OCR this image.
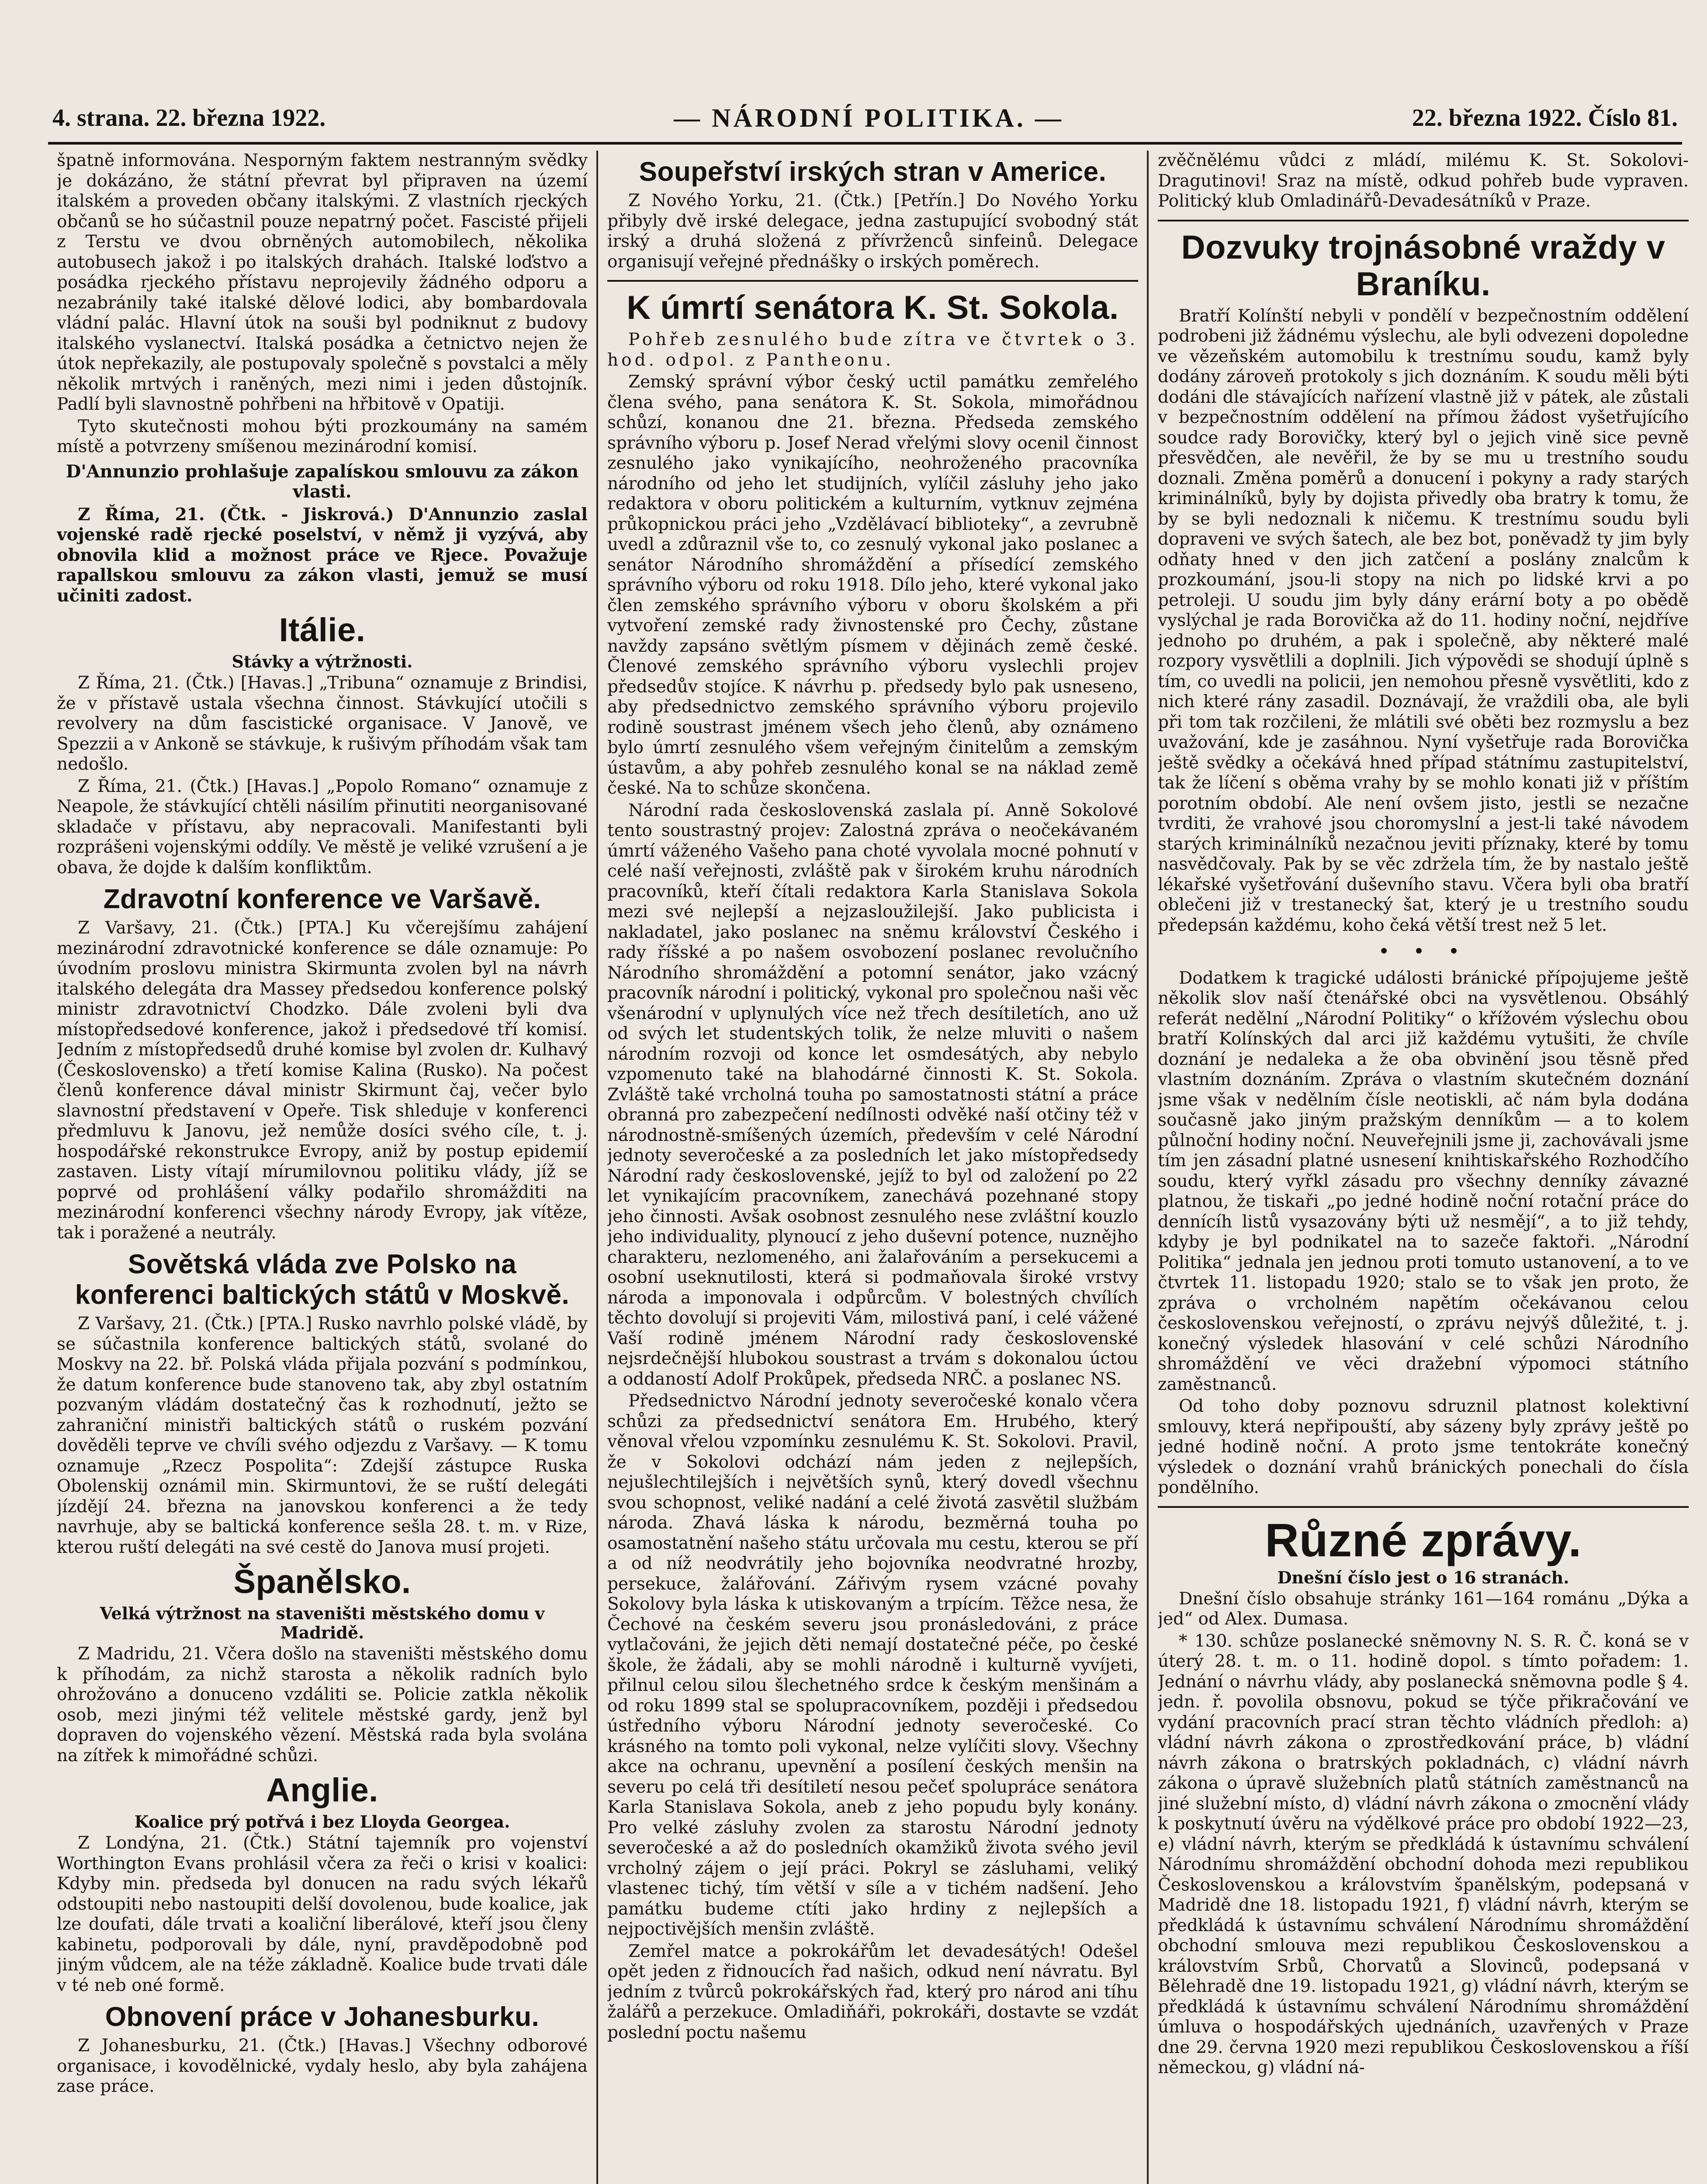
4. strana. 22. března 1922.	— NÁRODNÍ POLITIKA. —	22. března 1922. Číslo 81.

špatně informována. Nesporným faktem nestranným svědky je dokázáno, že státní převrat byl připraven na území italském a proveden občany italskými. Z vlastních rjeckých občanů se ho súčastnil pouze nepatrný počet. Fascisté přijeli z Terstu ve dvou obrněných automobilech, několika autobusech jakož i po italských drahách. Italské loďstvo a posádka rjeckého přístavu neprojevily žádného odporu a nezabránily také italské dělové lodici, aby bombardovala vládní palác. Hlavní útok na souši byl podniknut z budovy italského vyslanectví. Italská posádka a četnictvo nejen že útok nepřekazily, ale postupovaly společně s povstalci a měly několik mrtvých i raněných, mezi nimi i jeden důstojník. Padlí byli slavnostně pohřbeni na hřbitově v Opatiji.

Tyto skutečnosti mohou býti prozkoumány na samém místě a potvrzeny smíšenou mezinárodní komisí.

D'Annunzio prohlašuje zapalískou smlouvu za zákon vlasti.

Z Říma, 21. (Čtk. - Jiskrová.) D'Annunzio zaslal vojenské radě rjecké poselství, v němž ji vyzývá, aby obnovila klid a možnost práce ve Rjece. Považuje rapallskou smlouvu za zákon vlasti, jemuž se musí učiniti zadost.

Itálie.
Stávky a výtržnosti.

Z Říma, 21. (Čtk.) [Havas.] „Tribuna“ oznamuje z Brindisi, že v přístavě ustala všechna činnost. Stávkující utočili s revolvery na dům fascistické organisace. V Janově, ve Spezzii a v Ankoně se stávkuje, k rušivým příhodám však tam nedošlo.

Z Říma, 21. (Čtk.) [Havas.] „Popolo Romano“ oznamuje z Neapole, že stávkující chtěli násilím přinutiti neorganisované skladače v přístavu, aby nepracovali. Manifestanti byli rozprášeni vojenskými oddíly. Ve městě je veliké vzrušení a je obava, že dojde k dalším konfliktům.

Zdravotní konference ve Varšavě.

Z Varšavy, 21. (Čtk.) [PTA.] Ku včerejšímu zahájení mezinárodní zdravotnické konference se dále oznamuje: Po úvodním proslovu ministra Skirmunta zvolen byl na návrh italského delegáta dra Massey předsedou konference polský ministr zdravotnictví Chodzko. Dále zvoleni byli dva místopředsedové konference, jakož i předsedové tří komisí. Jedním z místopředsedů druhé komise byl zvolen dr. Kulhavý (Československo) a třetí komise Kalina (Rusko). Na počest členů konference dával ministr Skirmunt čaj, večer bylo slavnostní představení v Opeře. Tisk shleduje v konferenci předmluvu k Janovu, jež nemůže dosíci svého cíle, t. j. hospodářské rekonstrukce Evropy, aniž by postup epidemií zastaven. Listy vítají mírumilovnou politiku vlády, jíž se poprvé od prohlášení války podařilo shromážditi na mezinárodní konferenci všechny národy Evropy, jak vítěze, tak i poražené a neutrály.

Sovětská vláda zve Polsko na konferenci baltických států v Moskvě.

Z Varšavy, 21. (Čtk.) [PTA.] Rusko navrhlo polské vládě, by se súčastnila konference baltických států, svolané do Moskvy na 22. bř. Polská vláda přijala pozvání s podmínkou, že datum konference bude stanoveno tak, aby zbyl ostatním pozvaným vládám dostatečný čas k rozhodnutí, ježto se zahraniční ministři baltických států o ruském pozvání dověděli teprve ve chvíli svého odjezdu z Varšavy. — K tomu oznamuje „Rzecz Pospolita“: Zdejší zástupce Ruska Obolenskij oznámil min. Skirmuntovi, že se ruští delegáti jízdějí 24. března na janovskou konferenci a že tedy navrhuje, aby se baltická konference sešla 28. t. m. v Rize, kterou ruští delegáti na své cestě do Janova musí projeti.

Španělsko.
Velká výtržnost na staveništi městského domu v Madridě.

Z Madridu, 21. Včera došlo na staveništi městského domu k příhodám, za nichž starosta a několik radních bylo ohrožováno a donuceno vzdáliti se. Policie zatkla několik osob, mezi jinými též velitele městské gardy, jenž byl dopraven do vojenského vězení. Městská rada byla svolána na zítřek k mimořádné schůzi.

Anglie.
Koalice prý potřvá i bez Lloyda Georgea.

Z Londýna, 21. (Čtk.) Státní tajemník pro vojenství Worthington Evans prohlásil včera za řeči o krisi v koalici: Kdyby min. předseda byl donucen na radu svých lékařů odstoupiti nebo nastoupiti delší dovolenou, bude koalice, jak lze doufati, dále trvati a koaliční liberálové, kteří jsou členy kabinetu, podporovali by dále, nyní, pravděpodobně pod jiným vůdcem, ale na téže základně. Koalice bude trvati dále v té neb oné formě.

Obnovení práce v Johanesburku.

Z Johanesburku, 21. (Čtk.) [Havas.] Všechny odborové organisace, i kovodělnické, vydaly heslo, aby byla zahájena zase práce.

Soupeřství irských stran v Americe.

Z Nového Yorku, 21. (Čtk.) [Petřín.] Do Nového Yorku přibyly dvě irské delegace, jedna zastupující svobodný stát irský a druhá složená z přívrženců sinfeinů. Delegace organisují veřejné přednášky o irských poměrech.

K úmrtí senátora K. St. Sokola.

Pohřeb zesnulého bude zítra ve čtvrtek o 3. hod. odpol. z Pantheonu.

Zemský správní výbor český uctil památku zemřelého člena svého, pana senátora K. St. Sokola, mimořádnou schůzí, konanou dne 21. března. Předseda zemského správního výboru p. Josef Nerad vřelými slovy ocenil činnost zesnulého jako vynikajícího, neohroženého pracovníka národního od jeho let studijních, vylíčil zásluhy jeho jako redaktora v oboru politickém a kulturním, vytknuv zejména průkopnickou práci jeho „Vzdělávací biblioteky“, a zevrubně uvedl a zdůraznil vše to, co zesnulý vykonal jako poslanec a senátor Národního shromáždění a přísedící zemského správního výboru od roku 1918. Dílo jeho, které vykonal jako člen zemského správního výboru v oboru školském a při vytvoření zemské rady živnostenské pro Čechy, zůstane navždy zapsáno světlým písmem v dějinách země české. Členové zemského správního výboru vyslechli projev předsedův stojíce. K návrhu p. předsedy bylo pak usneseno, aby předsednictvo zemského správního výboru projevilo rodině soustrast jménem všech jeho členů, aby oznámeno bylo úmrtí zesnulého všem veřejným činitelům a zemským ústavům, a aby pohřeb zesnulého konal se na náklad země české. Na to schůze skončena.

Národní rada československá zaslala pí. Anně Sokolové tento soustrastný projev: Zalostná zpráva o neočekávaném úmrtí váženého Vašeho pana choté vyvolala mocné pohnutí v celé naší veřejnosti, zvláště pak v širokém kruhu národních pracovníků, kteří čítali redaktora Karla Stanislava Sokola mezi své nejlepší a nejzasloužilejší. Jako publicista i nakladatel, jako poslanec na sněmu království Českého i rady říšské a po našem osvobození poslanec revolučního Národního shromáždění a potomní senátor, jako vzácný pracovník národní i politický, vykonal pro společnou naši věc všenárodní v uplynulých více než třech desítiletích, ano už od svých let studentských tolik, že nelze mluviti o našem národním rozvoji od konce let osmdesátých, aby nebylo vzpomenuto také na blahodárné činnosti K. St. Sokola. Zvláště také vrcholná touha po samostatnosti státní a práce obranná pro zabezpečení nedílnosti odvěké naší otčiny též v národnostně-smíšených územích, především v celé Národní jednoty severočeské a za posledních let jako místopředsedy Národní rady československé, jejíž to byl od založení po 22 let vynikajícím pracovníkem, zanechává pozehnané stopy jeho činnosti. Avšak osobnost zesnulého nese zvláštní kouzlo jeho individuality, plynoucí z jeho duševní potence, nuznějho charakteru, nezlomeného, ani žalařováním a persekucemi a osobní useknutilosti, která si podmaňovala široké vrstvy národa a imponovala i odpůrcům. V bolestných chvílích těchto dovolují si projeviti Vám, milostivá paní, i celé vážené Vaší rodině jménem Národní rady československé nejsrdečnější hlubokou soustrast a trvám s dokonalou úctou a oddaností Adolf Prokůpek, předseda NRČ. a poslanec NS.

Předsednictvo Národní jednoty severočeské konalo včera schůzi za předsednictví senátora Em. Hrubého, který věnoval vřelou vzpomínku zesnulému K. St. Sokolovi. Pravil, že v Sokolovi odchází nám jeden z nejlepších, nejušlechtilejších i největších synů, který dovedl všechnu svou schopnost, veliké nadání a celé životá zasvětil službám národa. Zhavá láska k národu, bezměrná touha po osamostatnění našeho státu určovala mu cestu, kterou se pří a od níž neodvrátily jeho bojovníka neodvratné hrozby, persekuce, žalářování. Zářivým rysem vzácné povahy Sokolovy byla láska k utiskovaným a trpícím. Těžce nesa, že Čechové na českém severu jsou pronásledováni, z práce vytlačováni, že jejich děti nemají dostatečné péče, po české škole, že žádali, aby se mohli národně i kulturně vyvíjeti, přilnul celou silou šlechetného srdce k českým menšinám a od roku 1899 stal se spolupracovníkem, později i předsedou ústředního výboru Národní jednoty severočeské. Co krásného na tomto poli vykonal, nelze vylíčiti slovy. Všechny akce na ochranu, upevnění a posílení českých menšin na severu po celá tři desítiletí nesou pečeť spolupráce senátora Karla Stanislava Sokola, aneb z jeho popudu byly konány. Pro velké zásluhy zvolen za starostu Národní jednoty severočeské a až do posledních okamžiků života svého jevil vrcholný zájem o její práci. Pokryl se zásluhami, veliký vlastenec tichý, tím větší v síle a v tichém nadšení. Jeho památku budeme ctíti jako hrdiny z nejlepších a nejpoctivějších menšin zvláště.

Zemřel matce a pokrokářům let devadesátých! Odešel opět jeden z řidnoucích řad našich, odkud není návratu. Byl jedním z tvůrců pokrokářských řad, který pro národ ani tíhu žalářů a perzekuce. Omladiňáři, pokrokáři, dostavte se vzdát poslední poctu našemu

zvěčnělému vůdci z mládí, milému K. St. Sokolovi-Dragutinovi! Sraz na místě, odkud pohřeb bude vypraven. Politický klub Omladinářů-Devadesátníků v Praze.

Dozvuky trojnásobné vraždy v Braníku.

Bratří Kolínští nebyli v pondělí v bezpečnostním oddělení podrobeni již žádnému výslechu, ale byli odvezeni dopoledne ve vězeňském automobilu k trestnímu soudu, kamž byly dodány zároveň protokoly s jich doznáním. K soudu měli býti dodáni dle stávajících nařízení vlastně již v pátek, ale zůstali v bezpečnostním oddělení na přímou žádost vyšetřujícího soudce rady Borovičky, který byl o jejich vině sice pevně přesvědčen, ale nevěřil, že by se mu u trestního soudu doznali. Změna poměrů a donucení i pokyny a rady starých kriminálníků, byly by dojista přivedly oba bratry k tomu, že by se byli nedoznali k ničemu. K trestnímu soudu byli dopraveni ve svých šatech, ale bez bot, poněvadž ty jim byly odňaty hned v den jich zatčení a poslány znalcům k prozkoumání, jsou-li stopy na nich po lidské krvi a po petroleji. U soudu jim byly dány erární boty a po obědě vyslýchal je rada Borovička až do 11. hodiny noční, nejdříve jednoho po druhém, a pak i společně, aby některé malé rozpory vysvětlili a doplnili. Jich výpovědi se shodují úplně s tím, co uvedli na policii, jen nemohou přesně vysvětliti, kdo z nich které rány zasadil. Doznávají, že vraždili oba, ale byli při tom tak rozčileni, že mlátili své oběti bez rozmyslu a bez uvažování, kde je zasáhnou. Nyní vyšetřuje rada Borovička ještě svědky a očekává hned případ státnímu zastupitelství, tak že líčení s oběma vrahy by se mohlo konati již v příštím porotním období. Ale není ovšem jisto, jestli se nezačne tvrditi, že vrahové jsou choromyslní a jest-li také návodem starých kriminálníků nezačnou jeviti příznaky, které by tomu nasvědčovaly. Pak by se věc zdržela tím, že by nastalo ještě lékařské vyšetřování duševního stavu. Včera byli oba bratří oblečeni již v trestanecký šat, který je u trestního soudu předepsán každému, koho čeká větší trest než 5 let.

• • •

Dodatkem k tragické události bránické přípojujeme ještě několik slov naší čtenářské obci na vysvětlenou. Obsáhlý referát nedělní „Národní Politiky“ o křížovém výslechu obou bratří Kolínských dal arci již každému vytušiti, že chvíle doznání je nedaleka a že oba obvinění jsou těsně před vlastním doznáním. Zpráva o vlastním skutečném doznání jsme však v nedělním čísle neotiskli, ač nám byla dodána současně jako jiným pražským denníkům — a to kolem půlnoční hodiny noční. Neuveřejnili jsme ji, zachovávali jsme tím jen zásadní platné usnesení knihtiskařského Rozhodčího soudu, který vyřkl zásadu pro všechny denníky závazné platnou, že tiskaři „po jedné hodině noční rotační práce do dennícíh listů vysazovány býti už nesmějí“, a to již tehdy, kdyby je byl podnikatel na to sazeče faktoři. „Národní Politika“ jednala jen jednou proti tomuto ustanovení, a to ve čtvrtek 11. listopadu 1920; stalo se to však jen proto, že zpráva o vrcholném napětím očekávanou celou československou veřejností, o zprávu nejvýš důležité, t. j. konečný výsledek hlasování v celé schůzi Národního shromáždění ve věci dražební výpomoci státního zaměstnanců.

Od toho doby poznovu sdruznil platnost kolektivní smlouvy, která nepřipouští, aby sázeny byly zprávy ještě po jedné hodině noční. A proto jsme tentokráte konečný výsledek o doznání vrahů bránických ponechali do čísla pondělního.

Různé zprávy.
Dnešní číslo jest o 16 stranách.

Dnešní číslo obsahuje stránky 161—164 románu „Dýka a jed“ od Alex. Dumasa.

* 130. schůze poslanecké sněmovny N. S. R. Č. koná se v úterý 28. t. m. o 11. hodině dopol. s tímto pořadem: 1. Jednání o návrhu vlády, aby poslanecká sněmovna podle § 4. jedn. ř. povolila obsnovu, pokud se týče přikračování ve vydání pracovních prací stran těchto vládních předloh: a) vládní návrh zákona o zprostředkování práce, b) vládní návrh zákona o bratrských pokladnách, c) vládní návrh zákona o úpravě služebních platů státních zaměstnanců na jiné služební místo, d) vládní návrh zákona o zmocnění vlády k poskytnutí úvěru na výdělkové práce pro období 1922—23, e) vládní návrh, kterým se předkládá k ústavnímu schválení Národnímu shromáždění obchodní dohoda mezi republikou Československou a královstvím španělským, podepsaná v Madridě dne 18. listopadu 1921, f) vládní návrh, kterým se předkládá k ústavnímu schválení Národnímu shromáždění obchodní smlouva mezi republikou Československou a královstvím Srbů, Chorvatů a Slovinců, podepsaná v Bělehradě dne 19. listopadu 1921, g) vládní návrh, kterým se předkládá k ústavnímu schválení Národnímu shromáždění úmluva o hospodářských ujednáních, uzavřených v Praze dne 29. června 1920 mezi republikou Československou a říší německou, g) vládní ná-
